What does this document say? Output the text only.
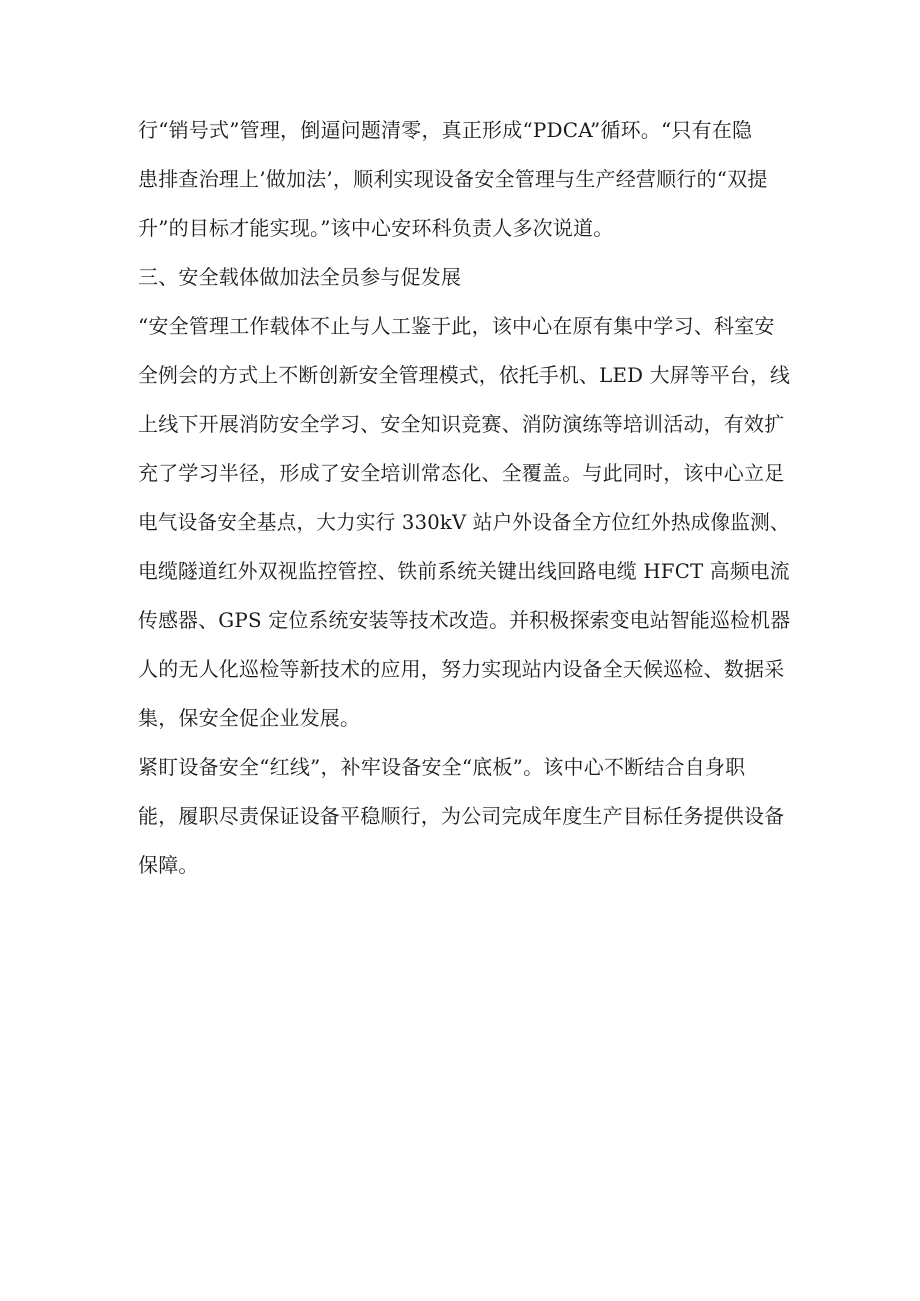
行“销号式”管理，倒逼问题清零，真正形成“PDCA”循环。“只有在隐

患排查治理上’做加法’，顺利实现设备安全管理与生产经营顺行的“双提

升”的目标才能实现。”该中心安环科负责人多次说道。

三、安全载体做加法全员参与促发展

“安全管理工作载体不止与人工鉴于此，该中心在原有集中学习、科室安

全例会的方式上不断创新安全管理模式，依托手机、LED 大屏等平台，线

上线下开展消防安全学习、安全知识竞赛、消防演练等培训活动，有效扩

充了学习半径，形成了安全培训常态化、全覆盖。与此同时，该中心立足

电气设备安全基点，大力实行 330kV 站户外设备全方位红外热成像监测、

电缆隧道红外双视监控管控、铁前系统关键出线回路电缆 HFCT 高频电流

传感器、GPS 定位系统安装等技术改造。并积极探索变电站智能巡检机器

人的无人化巡检等新技术的应用，努力实现站内设备全天候巡检、数据采

集，保安全促企业发展。

紧盯设备安全“红线”，补牢设备安全“底板”。该中心不断结合自身职

能，履职尽责保证设备平稳顺行，为公司完成年度生产目标任务提供设备

保障。
